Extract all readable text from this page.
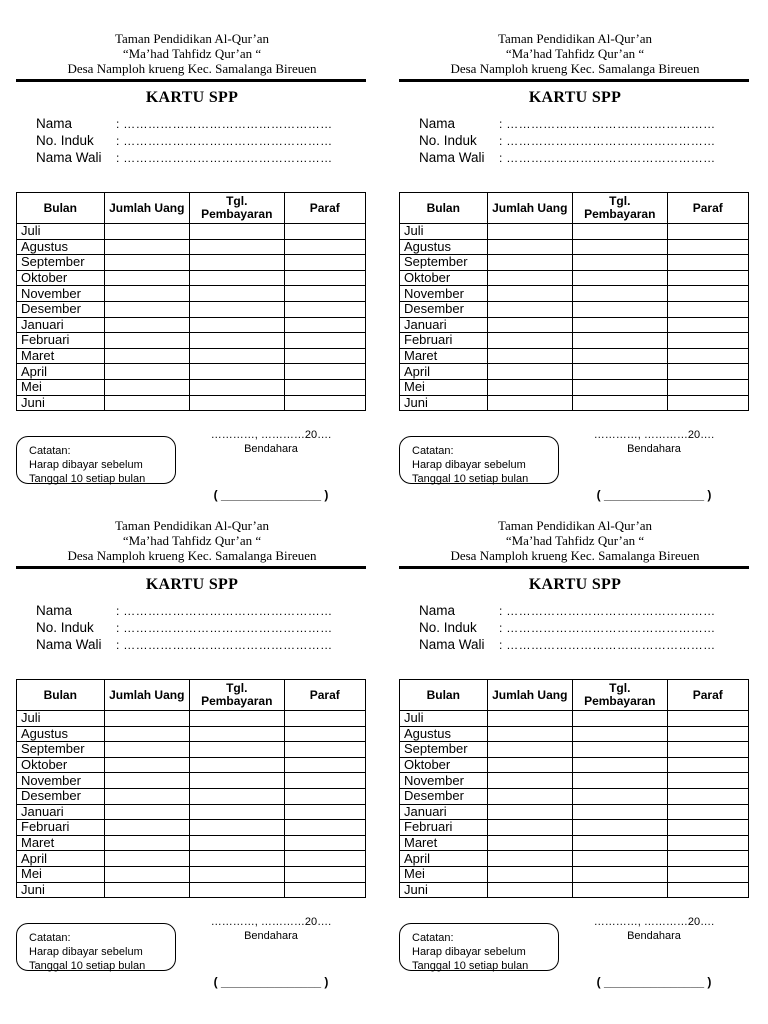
Taman Pendidikan Al-Qur’an
“Ma’had Tahfidz Qur’an “
Desa Namploh krueng Kec. Samalanga Bireuen
KARTU SPP
Nama	: ……………………………………………
No. Induk : ……………………………………………
Nama Wali : ……………………………………………
Bulan	Jumlah Uang	Tgl. Pembayaran	Paraf
Juli			
Agustus			
September			
Oktober			
November			
Desember			
Januari			
Februari			
Maret			
April			
Mei			
Juni			
Catatan:
Harap dibayar sebelum
Tanggal 10 setiap bulan
…………, …………20….
Bendahara
( _______________ )
Taman Pendidikan Al-Qur’an
“Ma’had Tahfidz Qur’an “
Desa Namploh krueng Kec. Samalanga Bireuen
KARTU SPP
Nama	: ……………………………………………
No. Induk : ……………………………………………
Nama Wali : ……………………………………………
Bulan	Jumlah Uang	Tgl. Pembayaran	Paraf
Juli			
Agustus			
September			
Oktober			
November			
Desember			
Januari			
Februari			
Maret			
April			
Mei			
Juni			
Catatan:
Harap dibayar sebelum
Tanggal 10 setiap bulan
…………, …………20….
Bendahara
( _______________ )
Taman Pendidikan Al-Qur’an
“Ma’had Tahfidz Qur’an “
Desa Namploh krueng Kec. Samalanga Bireuen
KARTU SPP
Nama	: ……………………………………………
No. Induk : ……………………………………………
Nama Wali : ……………………………………………
Bulan	Jumlah Uang	Tgl. Pembayaran	Paraf
Juli			
Agustus			
September			
Oktober			
November			
Desember			
Januari			
Februari			
Maret			
April			
Mei			
Juni			
Catatan:
Harap dibayar sebelum
Tanggal 10 setiap bulan
…………, …………20….
Bendahara
( _______________ )
Taman Pendidikan Al-Qur’an
“Ma’had Tahfidz Qur’an “
Desa Namploh krueng Kec. Samalanga Bireuen
KARTU SPP
Nama	: ……………………………………………
No. Induk : ……………………………………………
Nama Wali : ……………………………………………
Bulan	Jumlah Uang	Tgl. Pembayaran	Paraf
Juli			
Agustus			
September			
Oktober			
November			
Desember			
Januari			
Februari			
Maret			
April			
Mei			
Juni			
Catatan:
Harap dibayar sebelum
Tanggal 10 setiap bulan
…………, …………20….
Bendahara
( _______________ )
